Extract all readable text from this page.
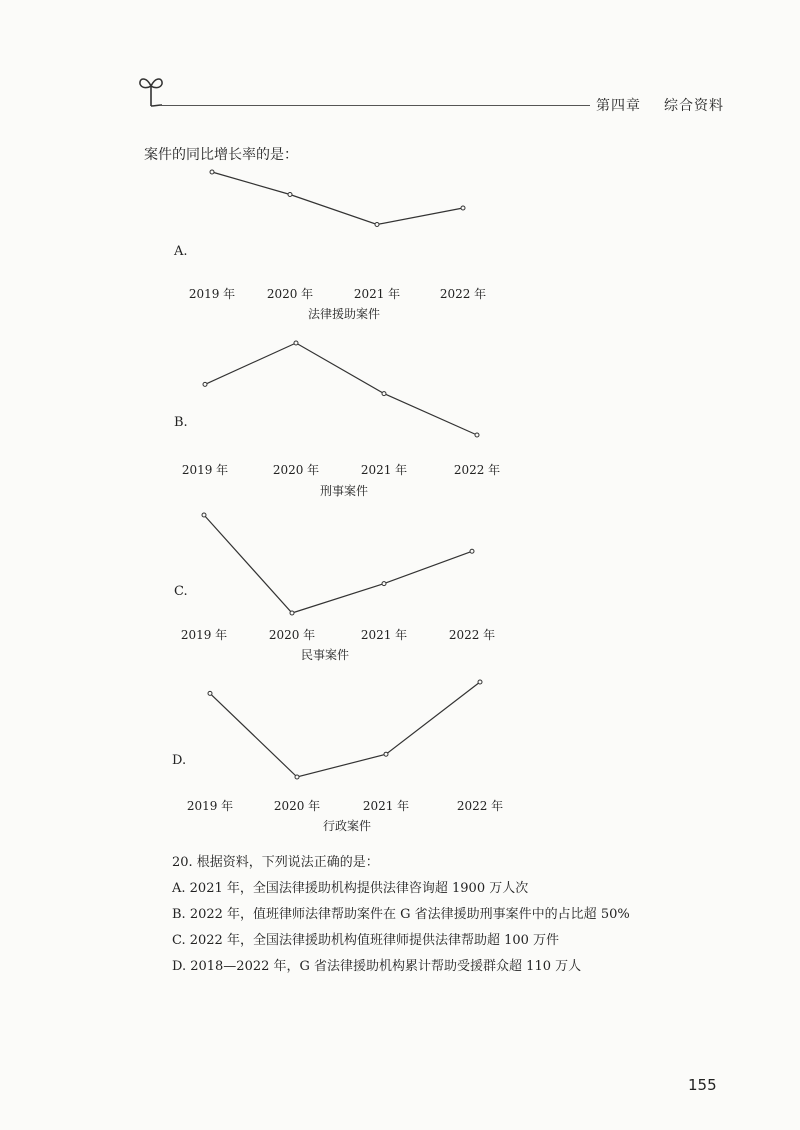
第四章 综合资料
案件的同比增长率的是：
2019 年	2020 年	2021 年	2022 年
A.
法律援助案件
2019 年	2020 年	2021 年	2022 年
B.
刑事案件
2019 年	2020 年	2021 年	2022 年
C.
民事案件
2019 年	2020 年	2021 年	2022 年
D.
行政案件
20. 根据资料，下列说法正确的是：
A. 2021 年，全国法律援助机构提供法律咨询超 1900 万人次
B. 2022 年，值班律师法律帮助案件在 G 省法律援助刑事案件中的占比超 50%
C. 2022 年，全国法律援助机构值班律师提供法律帮助超 100 万件
D. 2018—2022 年，G 省法律援助机构累计帮助受援群众超 110 万人
155
